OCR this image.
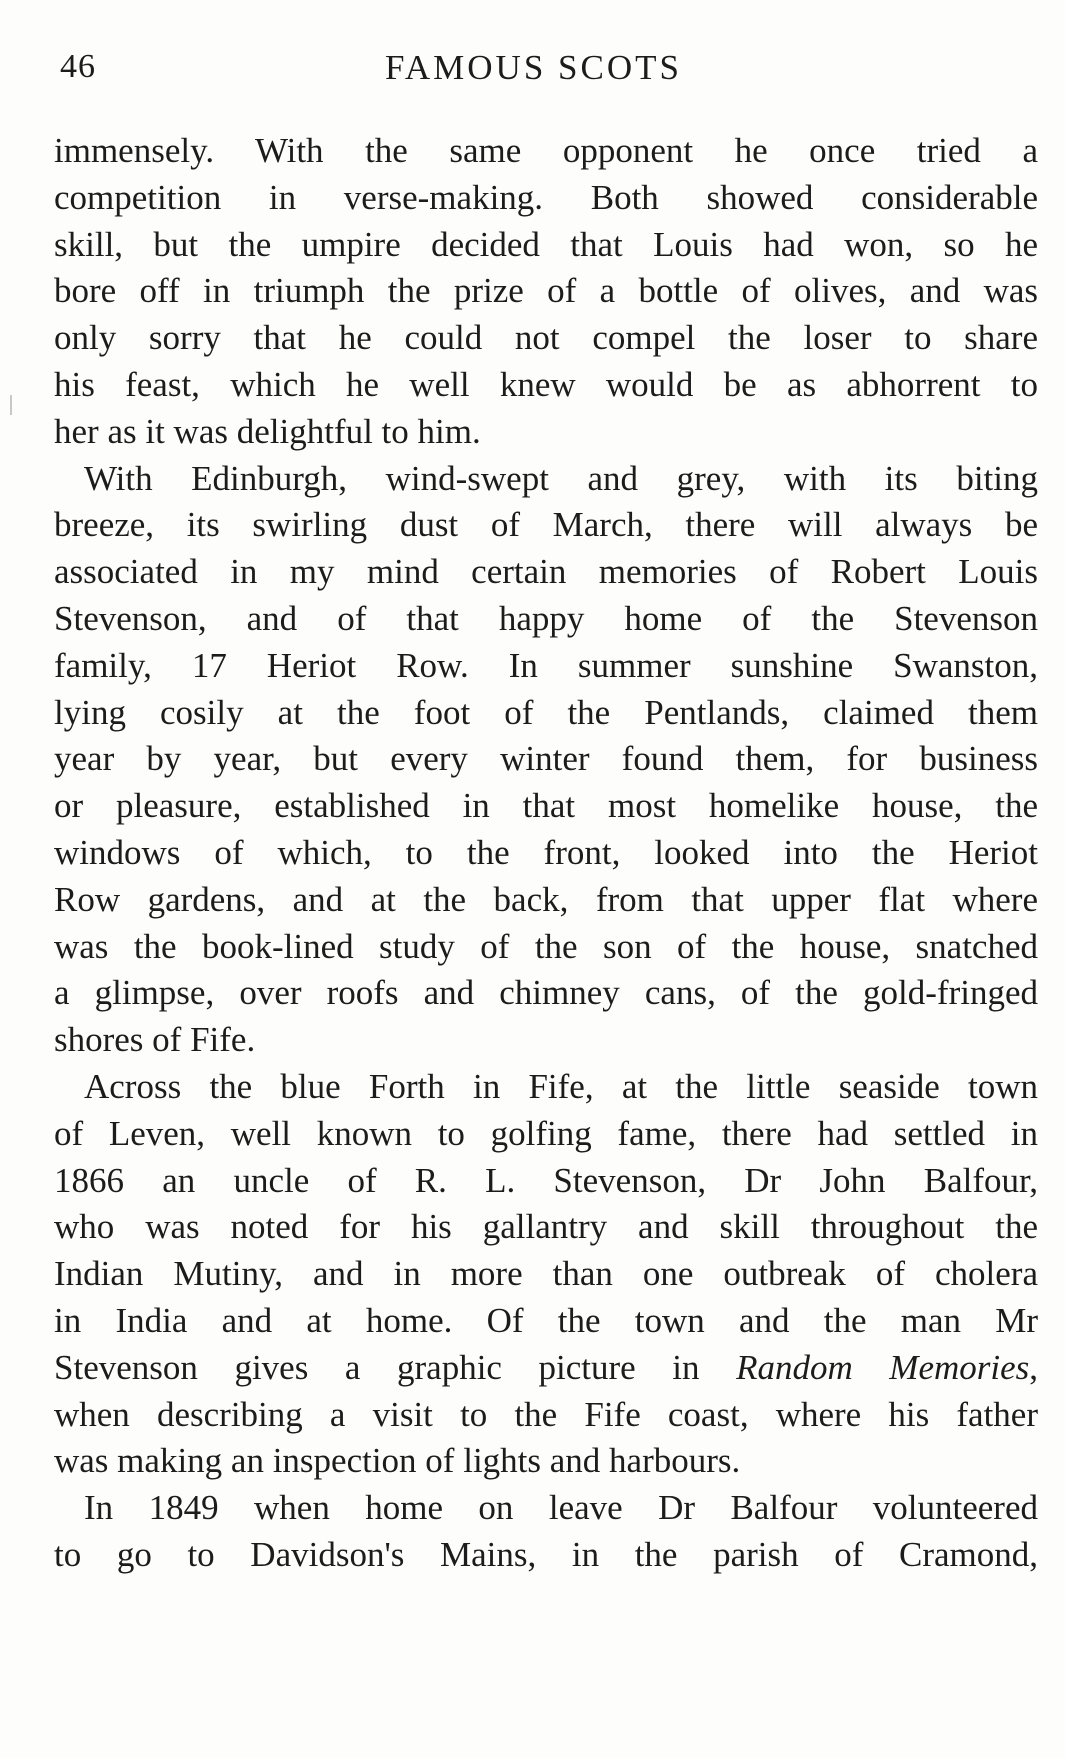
46	FAMOUS SCOTS
immensely. With the same opponent he once tried a
competition in verse-making. Both showed considerable
skill, but the umpire decided that Louis had won, so he
bore off in triumph the prize of a bottle of olives, and was
only sorry that he could not compel the loser to share
his feast, which he well knew would be as abhorrent to
her as it was delightful to him.
With Edinburgh, wind-swept and grey, with its biting
breeze, its swirling dust of March, there will always be
associated in my mind certain memories of Robert Louis
Stevenson, and of that happy home of the Stevenson
family, 17 Heriot Row. In summer sunshine Swanston,
lying cosily at the foot of the Pentlands, claimed them
year by year, but every winter found them, for business
or pleasure, established in that most homelike house, the
windows of which, to the front, looked into the Heriot
Row gardens, and at the back, from that upper flat where
was the book-lined study of the son of the house, snatched
a glimpse, over roofs and chimney cans, of the gold-fringed
shores of Fife.
Across the blue Forth in Fife, at the little seaside town
of Leven, well known to golfing fame, there had settled in
1866 an uncle of R. L. Stevenson, Dr John Balfour,
who was noted for his gallantry and skill throughout the
Indian Mutiny, and in more than one outbreak of cholera
in India and at home. Of the town and the man Mr
Stevenson gives a graphic picture in Random Memories,
when describing a visit to the Fife coast, where his father
was making an inspection of lights and harbours.
In 1849 when home on leave Dr Balfour volunteered
to go to Davidson's Mains, in the parish of Cramond,
